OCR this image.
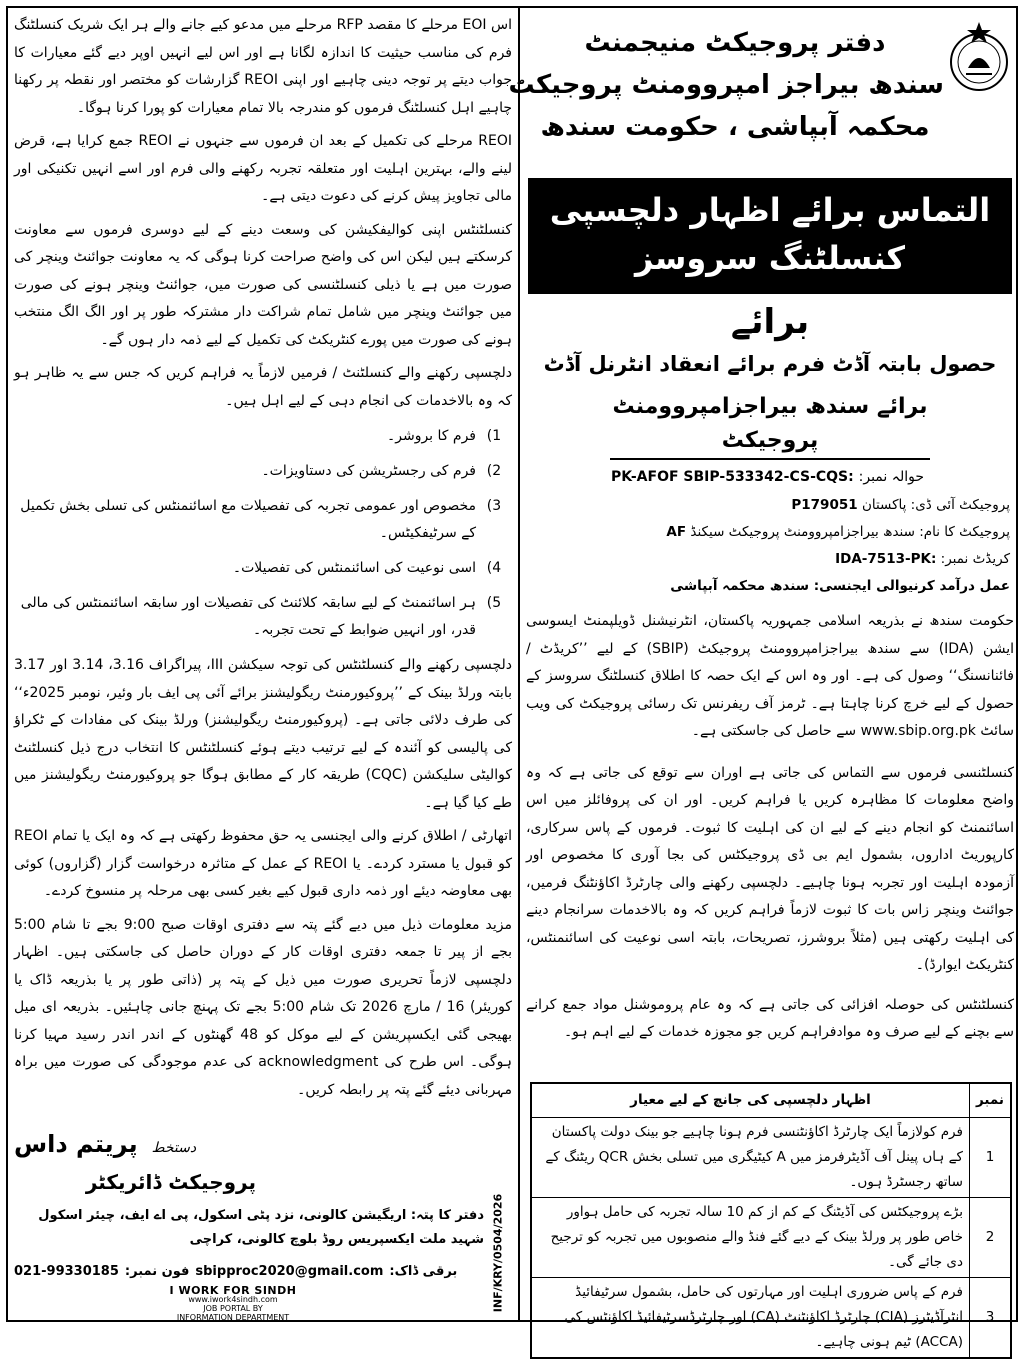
دفتر پروجیکٹ منیجمنٹ
سندھ بیراجز امپروومنٹ پروجیکٹ
محکمہ آبپاشی ، حکومت سندھ
التماس برائے اظہار دلچسپی
کنسلٹنگ سروسز
برائے
حصول بابتہ آڈٹ فرم برائے انعقاد انٹرنل آڈٹ
برائے سندھ بیراجزامپروومنٹ پروجیکٹ
حوالہ نمبر: PK-AFOF SBIP-533342-CS-CQS:
پروجیکٹ آئی ڈی: پاکستان P179051
پروجیکٹ کا نام: سندھ بیراجزامپروومنٹ پروجیکٹ سیکنڈ AF
کریڈٹ نمبر: IDA-7513-PK:
عمل درآمد کرنیوالی ایجنسی: سندھ محکمہ آبپاشی
حکومت سندھ نے بذریعہ اسلامی جمہوریہ پاکستان، انٹرنیشنل ڈویلپمنٹ ایسوسی ایشن (IDA) سے سندھ بیراجزامپروومنٹ پروجیکٹ (SBIP) کے لیے ’’کریڈٹ / فائنانسنگ‘‘ وصول کی ہے۔ اور وہ اس کے ایک حصہ کا اطلاق کنسلٹنگ سروسز کے حصول کے لیے خرچ کرنا چاہتا ہے۔ ٹرمز آف ریفرنس تک رسائی پروجیکٹ کی ویب سائٹ www.sbip.org.pk سے حاصل کی جاسکتی ہے۔
کنسلٹنسی فرموں سے التماس کی جاتی ہے اوران سے توقع کی جاتی ہے کہ وہ واضح معلومات کا مظاہرہ کریں یا فراہم کریں۔ اور ان کی پروفائلز میں اس اسائنمنٹ کو انجام دینے کے لیے ان کی اہلیت کا ثبوت۔ فرموں کے پاس سرکاری، کارپوریٹ اداروں، بشمول ایم بی ڈی پروجیکٹس کی بجا آوری کا مخصوص اور آزمودہ اہلیت اور تجربہ ہونا چاہیے۔ دلچسپی رکھنے والی چارٹرڈ اکاؤنٹنگ فرمیں، جوائنٹ وینچر زاس بات کا ثبوت لازماً فراہم کریں کہ وہ بالاخدمات سرانجام دینے کی اہلیت رکھتی ہیں (مثلاً بروشرز، تصریحات، بابتہ اسی نوعیت کی اسائنمنٹس، کنٹریکٹ ایوارڈ)۔
کنسلٹنٹس کی حوصلہ افزائی کی جاتی ہے کہ وہ عام پروموشنل مواد جمع کرانے سے بچنے کے لیے صرف وہ موادفراہم کریں جو مجوزہ خدمات کے لیے اہم ہو۔
نمبر	اظہار دلچسپی کی جانچ کے لیے معیار
1	فرم کولازماً ایک چارٹرڈ اکاؤنٹنسی فرم ہونا چاہیے جو بینک دولت پاکستان کے ہاں پینل آف آڈیٹرفرمز میں A کیٹیگری میں تسلی بخش QCR ریٹنگ کے ساتھ رجسٹرڈ ہوں۔
2	بڑے پروجیکٹس کی آڈیٹنگ کے کم از کم 10 سالہ تجربہ کی حامل ہواور خاص طور پر ورلڈ بینک کے دیے گئے فنڈ والے منصوبوں میں تجربہ کو ترجیح دی جائے گی۔
3	فرم کے پاس ضروری اہلیت اور مہارتوں کی حامل، بشمول سرٹیفائیڈ انٹرآڈیٹرز (CIA) چارٹرڈ اکاؤنٹنٹ (CA) اور چارٹرڈسرٹیفائیڈ اکاؤنٹس کی (ACCA) ٹیم ہونی چاہیے۔
اس EOI مرحلے کا مقصد RFP مرحلے میں مدعو کیے جانے والے ہر ایک شریک کنسلٹنگ فرم کی مناسب حیثیت کا اندازہ لگانا ہے اور اس لیے انہیں اوپر دیے گئے معیارات کا جواب دیتے پر توجہ دینی چاہیے اور اپنی REOI گزارشات کو مختصر اور نقطہ پر رکھنا چاہیے اہل کنسلٹنگ فرموں کو مندرجہ بالا تمام معیارات کو پورا کرنا ہوگا۔
REOI مرحلے کی تکمیل کے بعد ان فرموں سے جنہوں نے REOI جمع کرایا ہے، قرض لینے والے، بہترین اہلیت اور متعلقہ تجربہ رکھنے والی فرم اور اسے انہیں تکنیکی اور مالی تجاویز پیش کرنے کی دعوت دیتی ہے۔
کنسلٹنٹس اپنی کوالیفکیشن کی وسعت دینے کے لیے دوسری فرموں سے معاونت کرسکتے ہیں لیکن اس کی واضح صراحت کرنا ہوگی کہ یہ معاونت جوائنٹ وینچر کی صورت میں ہے یا ذیلی کنسلٹنسی کی صورت میں، جوائنٹ وینچر ہونے کی صورت میں جوائنٹ وینچر میں شامل تمام شراکت دار مشترکہ طور پر اور الگ الگ منتخب ہونے کی صورت میں پورے کنٹریکٹ کی تکمیل کے لیے ذمہ دار ہوں گے۔
دلچسپی رکھنے والے کنسلٹنٹ / فرمیں لازماً یہ فراہم کریں کہ جس سے یہ ظاہر ہو کہ وہ بالاخدمات کی انجام دہی کے لیے اہل ہیں۔
1)
فرم کا بروشر۔
2)
فرم کی رجسٹریشن کی دستاویزات۔
3)
مخصوص اور عمومی تجربہ کی تفصیلات مع اسائنمنٹس کی تسلی بخش تکمیل کے سرٹیفکیٹس۔
4)
اسی نوعیت کی اسائنمنٹس کی تفصیلات۔
5)
ہر اسائنمنٹ کے لیے سابقہ کلائنٹ کی تفصیلات اور سابقہ اسائنمنٹس کی مالی قدر، اور انہیں ضوابط کے تحت تجربہ۔
دلچسپی رکھنے والے کنسلٹنٹس کی توجہ سیکشن III، پیراگراف 3.16، 3.14 اور 3.17 بابتہ ورلڈ بینک کے ’’پروکیورمنٹ ریگولیشنز برائے آئی پی ایف بار وئیر، نومبر 2025ء‘‘ کی طرف دلائی جاتی ہے۔ (پروکیورمنٹ ریگولیشنز) ورلڈ بینک کی مفادات کے ٹکراؤ کی پالیسی کو آئندہ کے لیے ترتیب دیتے ہوئے کنسلٹنٹس کا انتخاب درج ذیل کنسلٹنٹ کوالیٹی سلیکشن (CQC) طریقہ کار کے مطابق ہوگا جو پروکیورمنٹ ریگولیشنز میں طے کیا گیا ہے۔
اتھارٹی / اطلاق کرنے والی ایجنسی یہ حق محفوظ رکھتی ہے کہ وہ ایک یا تمام REOI کو قبول یا مسترد کردے۔ یا REOI کے عمل کے متاثرہ درخواست گزار (گزاروں) کوئی بھی معاوضہ دیئے اور ذمہ داری قبول کیے بغیر کسی بھی مرحلہ پر منسوخ کردے۔
مزید معلومات ذیل میں دیے گئے پتہ سے دفتری اوقات صبح 9:00 بجے تا شام 5:00 بجے از پیر تا جمعہ دفتری اوقات کار کے دوران حاصل کی جاسکتی ہیں۔ اظہار دلچسپی لازماً تحریری صورت میں ذیل کے پتہ پر (ذاتی طور پر یا بذریعہ ڈاک یا کوریئر) 16 / مارچ 2026 تک شام 5:00 بجے تک پہنچ جانی چاہئیں۔ بذریعہ ای میل بھیجی گئی ایکسپریشن کے لیے موکل کو 48 گھنٹوں کے اندر اندر رسید مہیا کرنا ہوگی۔ اس طرح کی acknowledgment کی عدم موجودگی کی صورت میں براہ مہربانی دیئے گئے پتہ پر رابطہ کریں۔
دستخط
پریتم داس
پروجیکٹ ڈائریکٹر
دفتر کا پتہ: اریگیشن کالونی، نزد پٹی اسکول، پی اے ایف، چیئر اسکول شہید ملت ایکسپریس روڈ بلوچ کالونی، کراچی
برقی ڈاک:
sbipproc2020@gmail.com
فون نمبر:
021-99330185
I WORK FOR SINDH
www.iwork4sindh.com
JOB PORTAL BY
INFORMATION DEPARTMENT
INF/KRY/0504/2026
